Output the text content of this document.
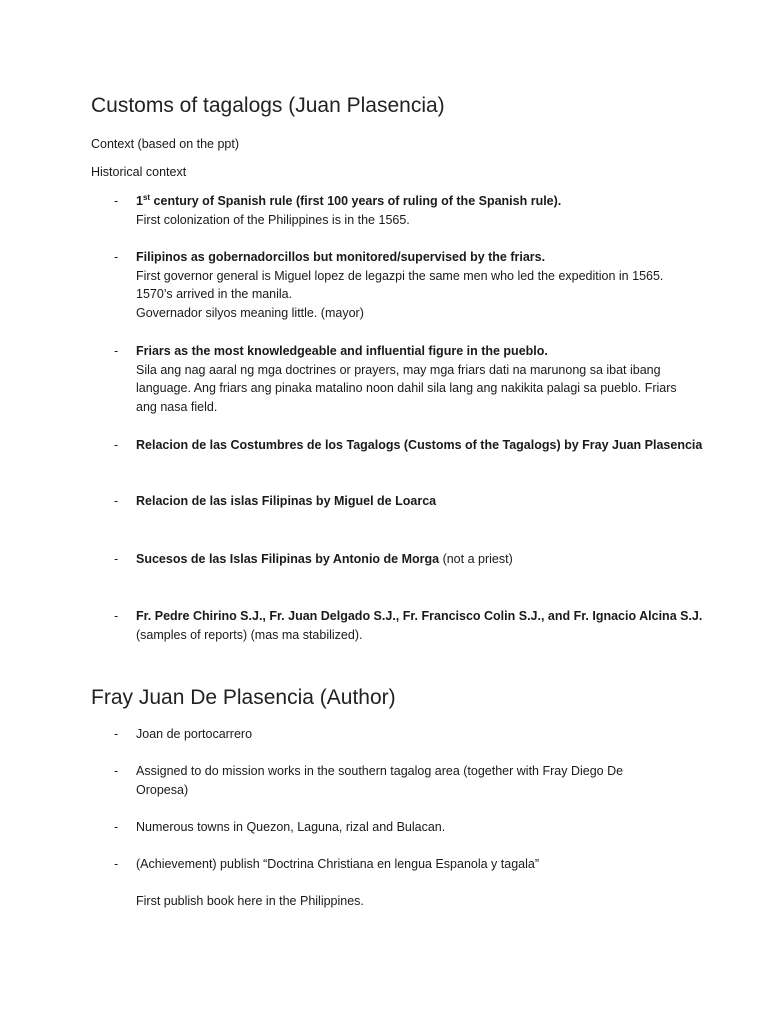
Customs of tagalogs (Juan Plasencia)

Context (based on the ppt)

Historical context

- 1st century of Spanish rule (first 100 years of ruling of the Spanish rule).
First colonization of the Philippines is in the 1565.
- Filipinos as gobernadorcillos but monitored/supervised by the friars.
First governor general is Miguel lopez de legazpi the same men who led the expedition in 1565.
1570’s arrived in the manila.
Governador silyos meaning little. (mayor)
- Friars as the most knowledgeable and influential figure in the pueblo.
Sila ang nag aaral ng mga doctrines or prayers, may mga friars dati na marunong sa ibat ibang
language. Ang friars ang pinaka matalino noon dahil sila lang ang nakikita palagi sa pueblo. Friars
ang nasa field.
- Relacion de las Costumbres de los Tagalogs (Customs of the Tagalogs) by Fray Juan Plasencia
- Relacion de las islas Filipinas by Miguel de Loarca
- Sucesos de las Islas Filipinas by Antonio de Morga (not a priest)
- Fr. Pedre Chirino S.J., Fr. Juan Delgado S.J., Fr. Francisco Colin S.J., and Fr. Ignacio Alcina S.J.
(samples of reports) (mas ma stabilized).
Fray Juan De Plasencia (Author)
- Joan de portocarrero
- Assigned to do mission works in the southern tagalog area (together with Fray Diego De
Oropesa)
- Numerous towns in Quezon, Laguna, rizal and Bulacan.
- (Achievement) publish “Doctrina Christiana en lengua Espanola y tagala”
First publish book here in the Philippines.
